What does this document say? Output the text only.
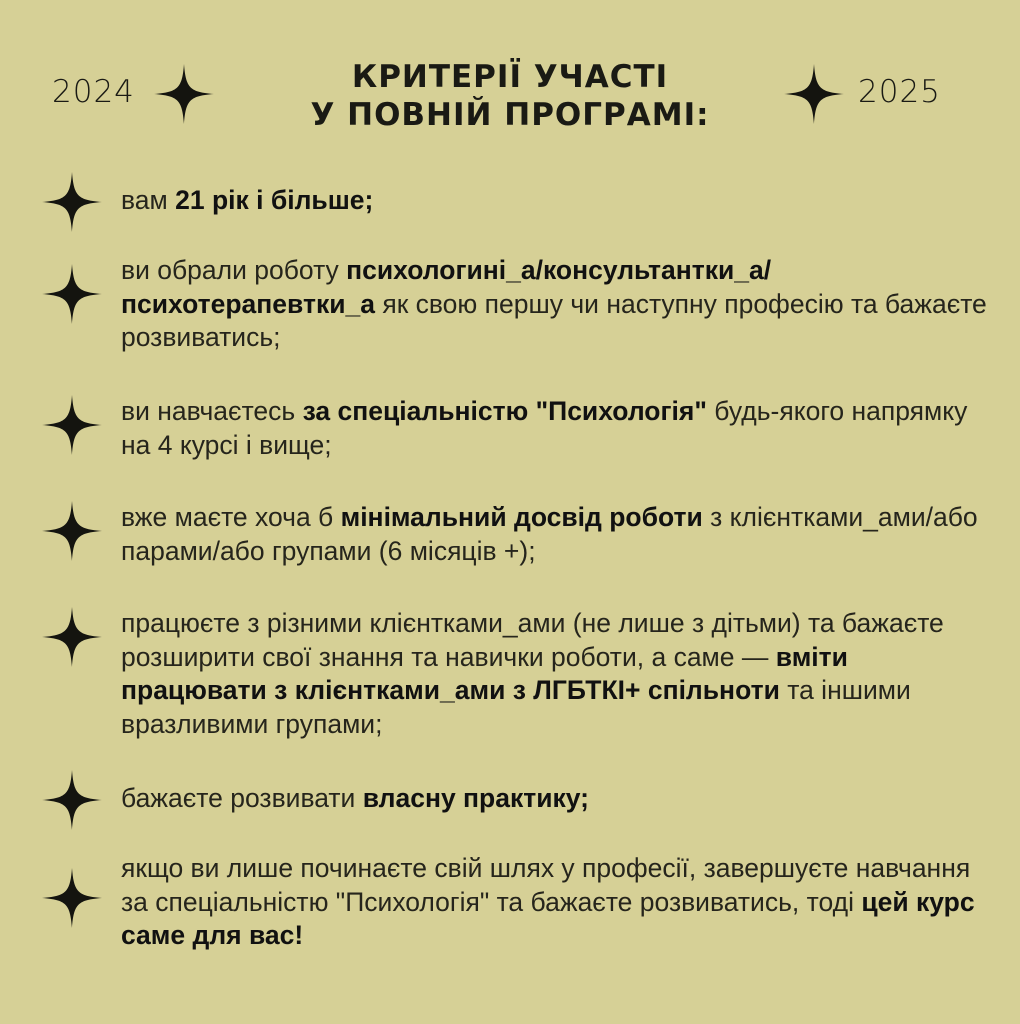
2024	КРИТЕРІЇ УЧАСТІ
У ПОВНІЙ ПРОГРАМІ:
2025
вам 21 рік і більше;
ви обрали роботу психологині_а/консультантки_а/ психотерапевтки_а як свою першу чи наступну професію та бажаєте розвиватись;
ви навчаєтесь за спеціальністю "Психологія" будь-якого напрямку на 4 курсі і вище;
вже маєте хоча б мінімальний досвід роботи з клієнтками_ами/або парами/або групами (6 місяців +);
працюєте з різними клієнтками_ами (не лише з дітьми) та бажаєте розширити свої знання та навички роботи, а саме — вміти працювати з клієнтками_ами з ЛГБТКІ+ спільноти та іншими вразливими групами;
бажаєте розвивати власну практику;
якщо ви лише починаєте свій шлях у професії, завершуєте навчання за спеціальністю "Психологія" та бажаєте розвиватись, тоді цей курс саме для вас!
